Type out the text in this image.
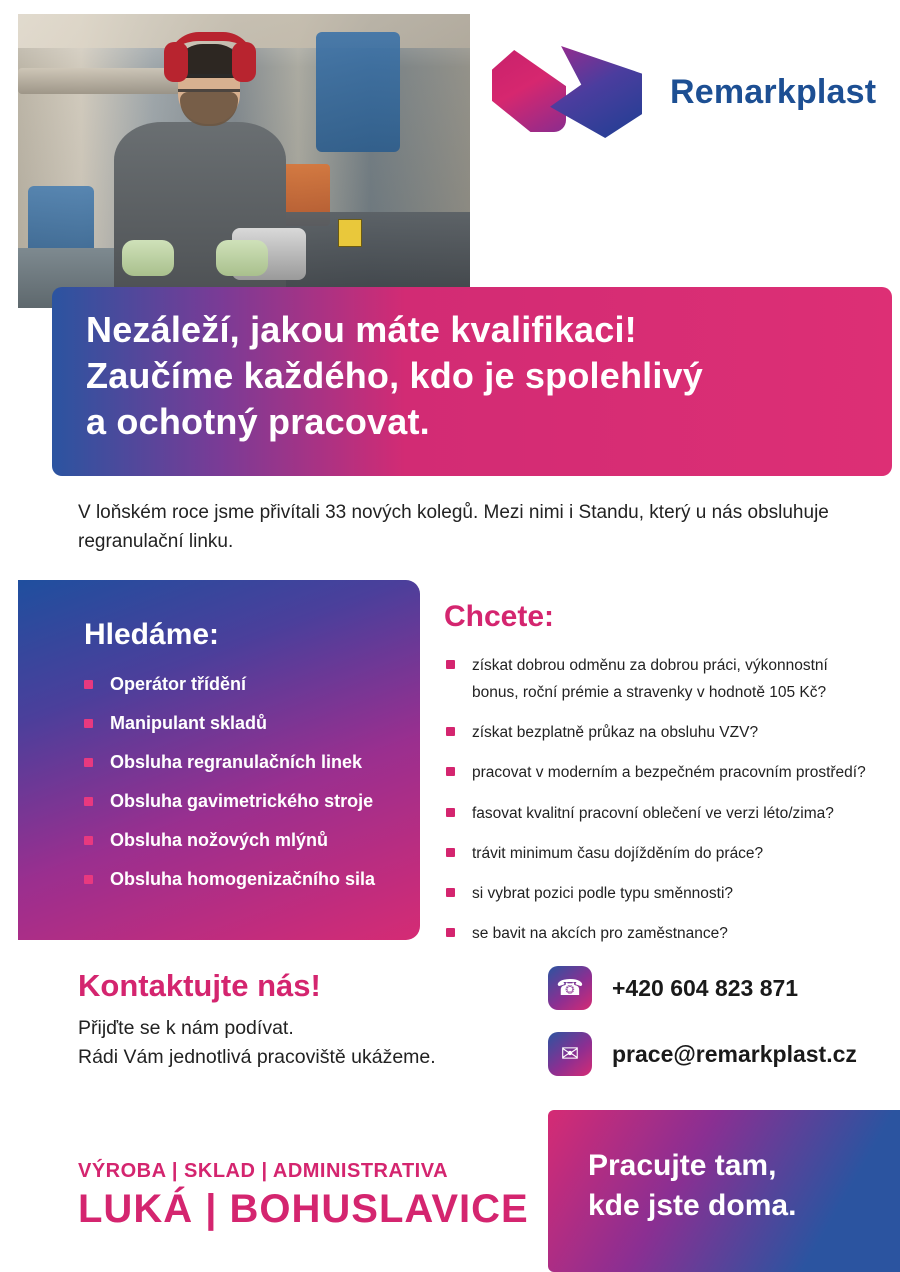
Remarkplast

Nezáleží, jakou máte kvalifikaci!

Zaučíme každého, kdo je spolehlivý

a ochotný pracovat.

V loňském roce jsme přivítali 33 nových kolegů. Mezi nimi i Standu, který u nás obsluhuje regranulační linku.
Hledáme:
Operátor třídění
Manipulant skladů
Obsluha regranulačních linek
Obsluha gavimetrického stroje
Obsluha nožových mlýnů
Obsluha homogenizačního sila
Chcete:
získat dobrou odměnu za dobrou práci, výkonnostní bonus, roční prémie a stravenky v hodnotě 105 Kč?
získat bezplatně průkaz na obsluhu VZV?
pracovat v moderním a bezpečném pracovním prostředí?
fasovat kvalitní pracovní oblečení ve verzi léto/zima?
trávit minimum času dojížděním do práce?
si vybrat pozici podle typu směnnosti?
se bavit na akcích pro zaměstnance?
Kontaktujte nás!

Přijďte se k nám podívat.

Rádi Vám jednotlivá pracoviště ukážeme.

☎	+420 604 823 871
✉	prace@remarkplast.cz

VÝROBA | SKLAD | ADMINISTRATIVA

LUKÁ | BOHUSLAVICE

Pracujte tam,

kde jste doma.
